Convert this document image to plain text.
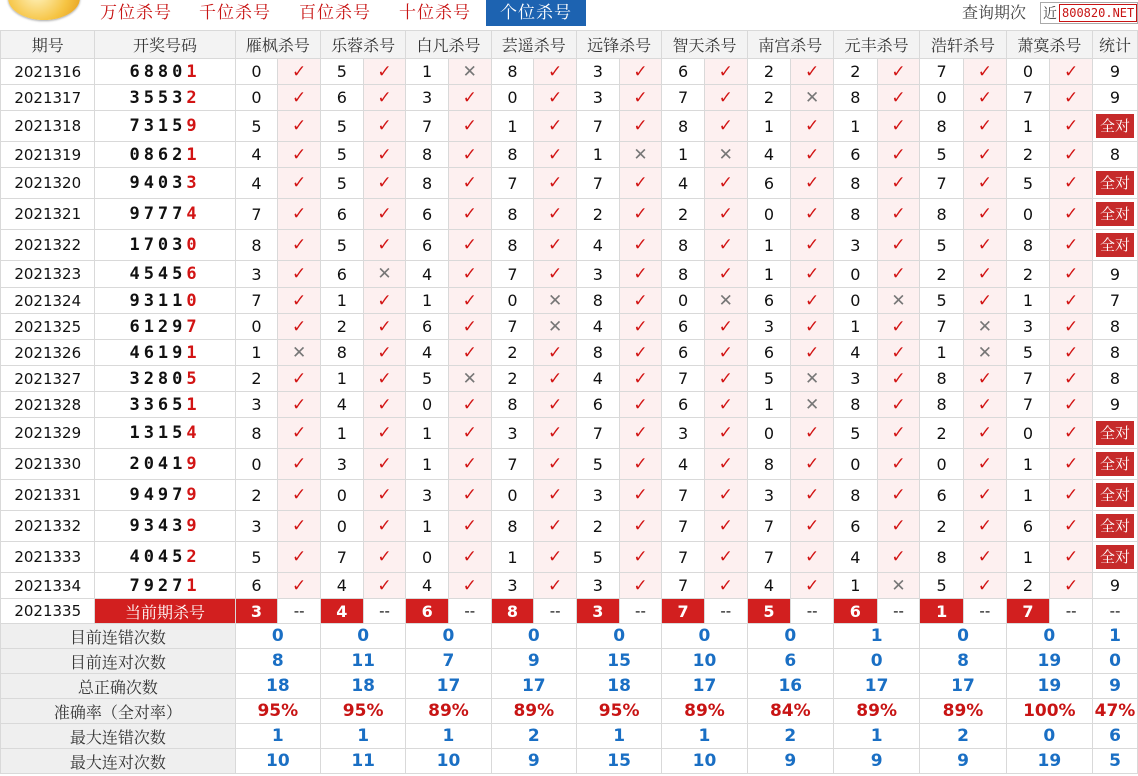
万位杀号 千位杀号 百位杀号 十位杀号	个位杀号	查询期次 近 800820.NET
期号	开奖号码	雁枫杀号		乐蓉杀号		白凡杀号		芸遥杀号		远锋杀号		智天杀号		南宫杀号		元丰杀号		浩轩杀号		萧寞杀号		统计
2021316	68801	0	✓	5	✓	1	✕	8	✓	3	✓	6	✓	2	✓	2	✓	7	✓	0	✓	9
2021317	35532	0	✓	6	✓	3	✓	0	✓	3	✓	7	✓	2	✕	8	✓	0	✓	7	✓	9
2021318	73159	5	✓	5	✓	7	✓	1	✓	7	✓	8	✓	1	✓	1	✓	8	✓	1	✓	全对
2021319	08621	4	✓	5	✓	8	✓	8	✓	1	✕	1	✕	4	✓	6	✓	5	✓	2	✓	8
2021320	94033	4	✓	5	✓	8	✓	7	✓	7	✓	4	✓	6	✓	8	✓	7	✓	5	✓	全对
2021321	97774	7	✓	6	✓	6	✓	8	✓	2	✓	2	✓	0	✓	8	✓	8	✓	0	✓	全对
2021322	17030	8	✓	5	✓	6	✓	8	✓	4	✓	8	✓	1	✓	3	✓	5	✓	8	✓	全对
2021323	45456	3	✓	6	✕	4	✓	7	✓	3	✓	8	✓	1	✓	0	✓	2	✓	2	✓	9
2021324	93110	7	✓	1	✓	1	✓	0	✕	8	✓	0	✕	6	✓	0	✕	5	✓	1	✓	7
2021325	61297	0	✓	2	✓	6	✓	7	✕	4	✓	6	✓	3	✓	1	✓	7	✕	3	✓	8
2021326	46191	1	✕	8	✓	4	✓	2	✓	8	✓	6	✓	6	✓	4	✓	1	✕	5	✓	8
2021327	32805	2	✓	1	✓	5	✕	2	✓	4	✓	7	✓	5	✕	3	✓	8	✓	7	✓	8
2021328	33651	3	✓	4	✓	0	✓	8	✓	6	✓	6	✓	1	✕	8	✓	8	✓	7	✓	9
2021329	13154	8	✓	1	✓	1	✓	3	✓	7	✓	3	✓	0	✓	5	✓	2	✓	0	✓	全对
2021330	20419	0	✓	3	✓	1	✓	7	✓	5	✓	4	✓	8	✓	0	✓	0	✓	1	✓	全对
2021331	94979	2	✓	0	✓	3	✓	0	✓	3	✓	7	✓	3	✓	8	✓	6	✓	1	✓	全对
2021332	93439	3	✓	0	✓	1	✓	8	✓	2	✓	7	✓	7	✓	6	✓	2	✓	6	✓	全对
2021333	40452	5	✓	7	✓	0	✓	1	✓	5	✓	7	✓	7	✓	4	✓	8	✓	1	✓	全对
2021334	79271	6	✓	4	✓	4	✓	3	✓	3	✓	7	✓	4	✓	1	✕	5	✓	2	✓	9
2021335	当前期杀号	3	--	4	--	6	--	8	--	3	--	7	--	5	--	6	--	1	--	7	--	--
目前连错次数		0		0		0		0		0		0		0		1		0		0		1
目前连对次数		8		11		7		9		15		10		6		0		8		19		0
总正确次数		18		18		17		17		18		17		16		17		17		19		9
准确率（全对率）		95%		95%		89%		89%		95%		89%		84%		89%		89%		100%		47%
最大连错次数		1		1		1		2		1		1		2		1		2		0		6
最大连对次数		10		11		10		9		15		10		9		9		9		19		5
